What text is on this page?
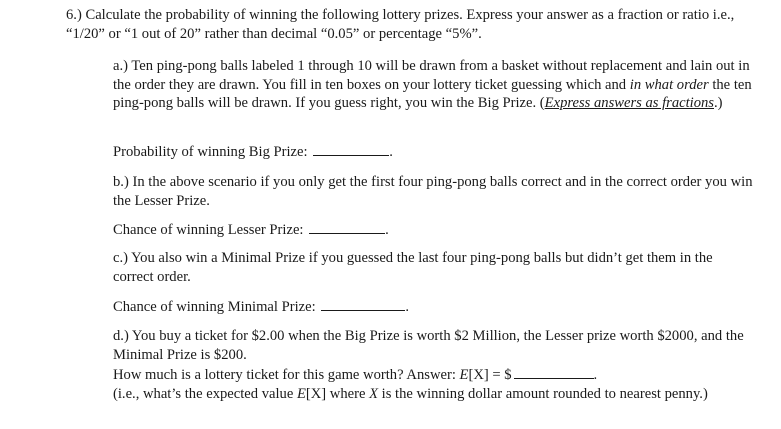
6.) Calculate the probability of winning the following lottery prizes. Express your answer as a fraction or ratio i.e., “1/20” or “1 out of 20” rather than decimal “0.05” or percentage “5%”.
a.) Ten ping-pong balls labeled 1 through 10 will be drawn from a basket without replacement and lain out in the order they are drawn. You fill in ten boxes on your lottery ticket guessing which and in what order the ten ping-pong balls will be drawn. If you guess right, you win the Big Prize. (Express answers as fractions.)
Probability of winning Big Prize:	.
b.) In the above scenario if you only get the first four ping-pong balls correct and in the correct order you win the Lesser Prize.
Chance of winning Lesser Prize:	.
c.) You also win a Minimal Prize if you guessed the last four ping-pong balls but didn’t get them in the correct order.
Chance of winning Minimal Prize:	.
d.) You buy a ticket for $2.00 when the Big Prize is worth $2 Million, the Lesser prize worth $2000, and the Minimal Prize is $200.
How much is a lottery ticket for this game worth? Answer: E[X] = $	.
(i.e., what’s the expected value E[X] where X is the winning dollar amount rounded to nearest penny.)
